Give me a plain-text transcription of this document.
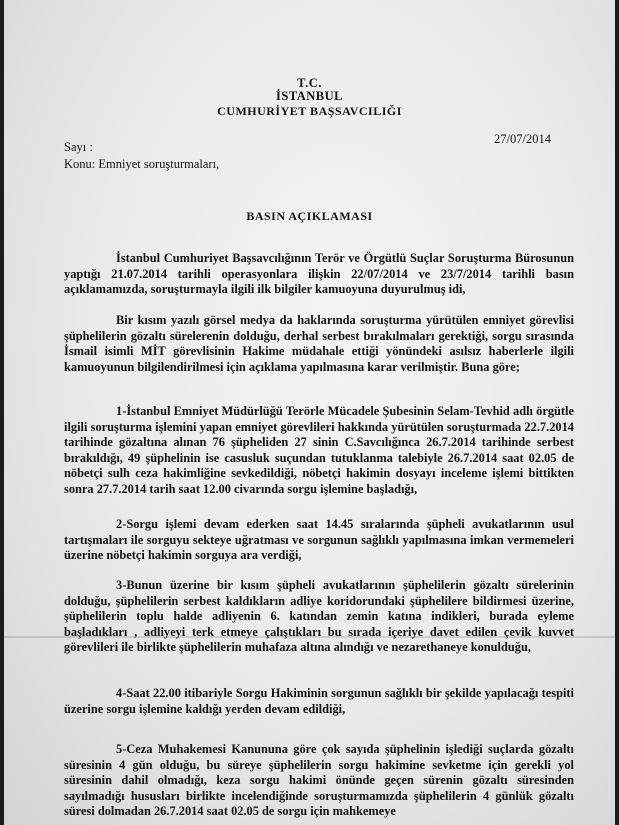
T.C.
İSTANBUL
CUMHURİYET BAŞSAVCILIĞI
27/07/2014
Sayı :
Konu: Emniyet soruşturmaları,
BASIN AÇIKLAMASI

İstanbul Cumhuriyet Başsavcılığının Terör ve Örgütlü Suçlar Soruşturma Bürosunun yaptığı 21.07.2014 tarihli operasyonlara ilişkin 22/07/2014 ve 23/7/2014 tarihli basın açıklamamızda, soruşturmayla ilgili ilk bilgiler kamuoyuna duyurulmuş idi,

Bir kısım yazılı görsel medya da haklarında soruşturma yürütülen emniyet görevlisi şüphelilerin gözaltı sürelerenin dolduğu, derhal serbest bırakılmaları gerektiği, sorgu sırasında İsmail isimli MİT görevlisinin Hakime müdahale ettiği yönündeki asılsız haberlerle ilgili kamuoyunun bilgilendirilmesi için açıklama yapılmasına karar verilmiştir. Buna göre;

1-İstanbul Emniyet Müdürlüğü Terörle Mücadele Şubesinin Selam-Tevhid adlı örgütle ilgili soruşturma işlemini yapan emniyet görevlileri hakkında yürütülen soruşturmada 22.7.2014 tarihinde gözaltına alınan 76 şüpheliden 27 sinin C.Savcılığınca 26.7.2014 tarihinde serbest bırakıldığı, 49 şüphelinin ise casusluk suçundan tutuklanma talebiyle 26.7.2014 saat 02.05 de nöbetçi sulh ceza hakimliğine sevkedildiği, nöbetçi hakimin dosyayı inceleme işlemi bittikten sonra 27.7.2014 tarih saat 12.00 civarında sorgu işlemine başladığı,

2-Sorgu işlemi devam ederken saat 14.45 sıralarında şüpheli avukatlarının usul tartışmaları ile sorguyu sekteye uğratması ve sorgunun sağlıklı yapılmasına imkan vermemeleri üzerine nöbetçi hakimin sorguya ara verdiği,

3-Bunun üzerine bir kısım şüpheli avukatlarının şüphelilerin gözaltı sürelerinin dolduğu, şüphelilerin serbest kaldıkların adliye koridorundaki şüphelilere bildirmesi üzerine, şüphelilerin toplu halde adliyenin 6. katından zemin katına indikleri, burada eyleme başladıkları , adliyeyi terk etmeye çalıştıkları bu sırada içeriye davet edilen çevik kuvvet görevlileri ile birlikte şüphelilerin muhafaza altına alındığı ve nezarethaneye konulduğu,

4-Saat 22.00 itibariyle Sorgu Hakiminin sorgunun sağlıklı bir şekilde yapılacağı tespiti üzerine sorgu işlemine kaldığı yerden devam edildiği,

5-Ceza Muhakemesi Kanununa göre çok sayıda şüphelinin işlediği suçlarda gözaltı süresinin 4 gün olduğu, bu süreye şüphelilerin sorgu hakimine sevketme için gerekli yol süresinin dahil olmadığı, keza sorgu hakimi önünde geçen sürenin gözaltı süresinden sayılmadığı hususları birlikte incelendiğinde soruşturmamızda şüphelilerin 4 günlük gözaltı süresi dolmadan 26.7.2014 saat 02.05 de sorgu için mahkemeye
